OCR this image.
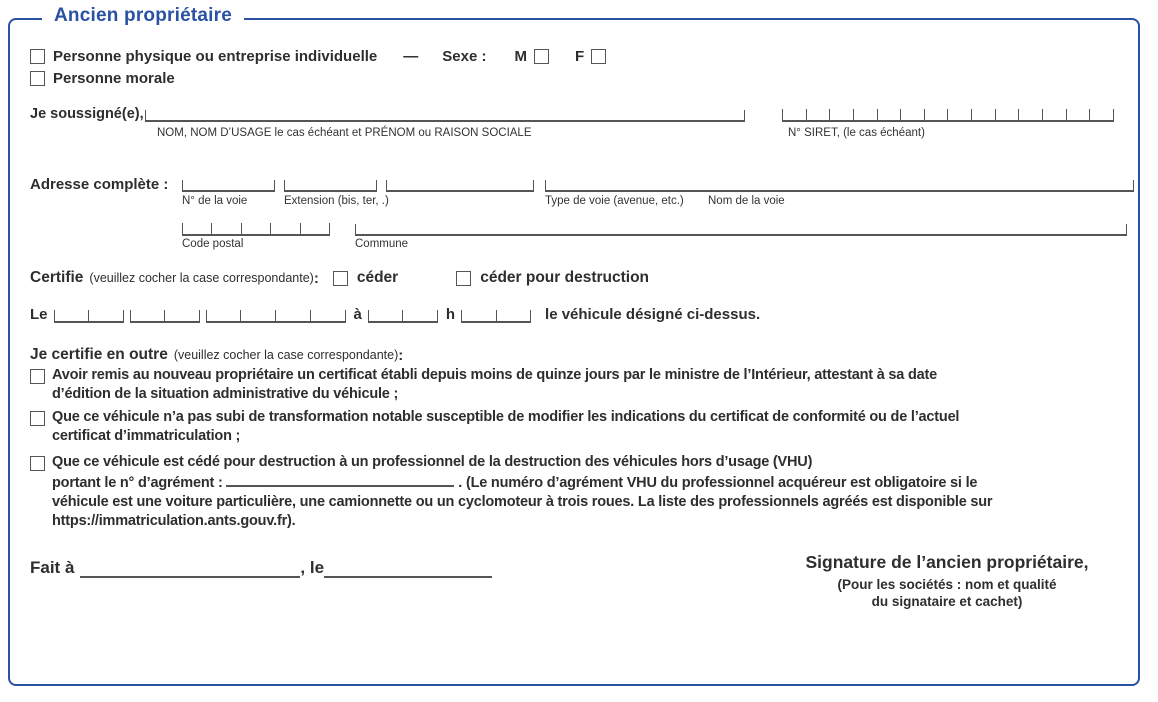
Ancien propriétaire
Personne physique ou entreprise individuelle — Sexe : M	F
Personne morale
Je soussigné(e),
NOM, NOM D’USAGE le cas échéant et PRÉNOM ou RAISON SOCIALE	N° SIRET, (le cas échéant)
Adresse complète :
N° de la voie	Extension (bis, ter, .)	Type de voie (avenue, etc.) Nom de la voie
Code postal	Commune
Certifie (veuillez cocher la case correspondante) : céder	céder pour destruction
Le	à	h	le véhicule désigné ci-dessus.
Je certifie en outre (veuillez cocher la case correspondante) :
Avoir remis au nouveau propriétaire un certificat établi depuis moins de quinze jours par le ministre de l’Intérieur, attestant à sa date
d’édition de la situation administrative du véhicule ;
Que ce véhicule n’a pas subi de transformation notable susceptible de modifier les indications du certificat de conformité ou de l’actuel
certificat d’immatriculation ;
Que ce véhicule est cédé pour destruction à un professionnel de la destruction des véhicules hors d’usage (VHU)
portant le n° d’agrément :	. (Le numéro d’agrément VHU du professionnel acquéreur est obligatoire si le
véhicule est une voiture particulière, une camionnette ou un cyclomoteur à trois roues. La liste des professionnels agréés est disponible sur
https://immatriculation.ants.gouv.fr).
Fait à	, le	Signature de l’ancien propriétaire,
(Pour les sociétés : nom et qualité
du signataire et cachet)
